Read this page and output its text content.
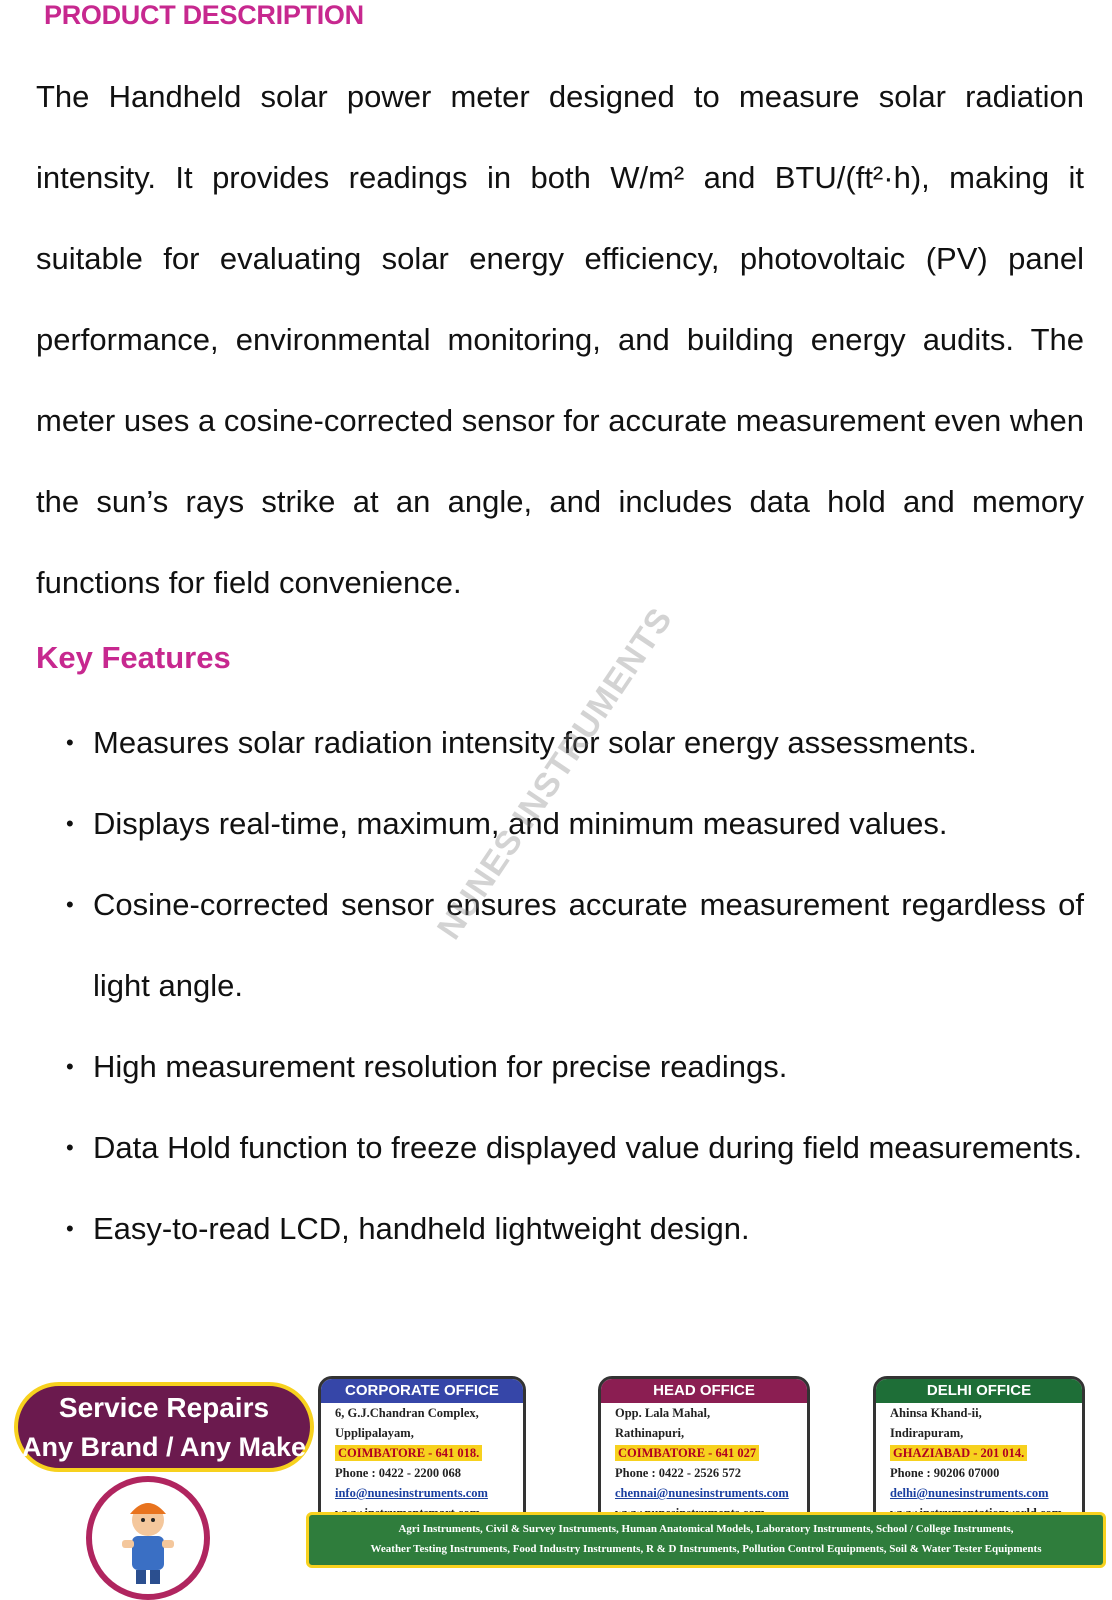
PRODUCT DESCRIPTION

The Handheld solar power meter designed to measure solar radiation intensity. It provides readings in both W/m² and BTU/(ft²·h), making it suitable for evaluating solar energy efficiency, photovoltaic (PV) panel performance, environmental monitoring, and building energy audits. The meter uses a cosine-corrected sensor for accurate measurement even when the sun’s rays strike at an angle, and includes data hold and memory functions for field convenience.

Key Features
• Measures solar radiation intensity for solar energy assessments.
• Displays real-time, maximum, and minimum measured values.
• Cosine-corrected sensor ensures accurate measurement regardless of light angle.
• High measurement resolution for precise readings.
• Data Hold function to freeze displayed value during field measurements.
• Easy-to-read LCD, handheld lightweight design.
NUNES INSTRUMENTS
Service Repairs
Any Brand / Any Make
CORPORATE OFFICE
6, G.J.Chandran Complex,
Upplipalayam,
COIMBATORE - 641 018.
Phone : 0422 - 2200 068
info@nunesinstruments.com
HEAD OFFICE
Opp. Lala Mahal,
Rathinapuri,
COIMBATORE - 641 027
Phone : 0422 - 2526 572
chennai@nunesinstruments.com
DELHI OFFICE
Ahinsa Khand-ii,
Indirapuram,
GHAZIABAD - 201 014.
Phone : 90206 07000
delhi@nunesinstruments.com
Agri Instruments, Civil & Survey Instruments, Human Anatomical Models, Laboratory Instruments, School / College Instruments,
Weather Testing Instruments, Food Industry Instruments, R & D Instruments, Pollution Control Equipments, Soil & Water Tester Equipments
